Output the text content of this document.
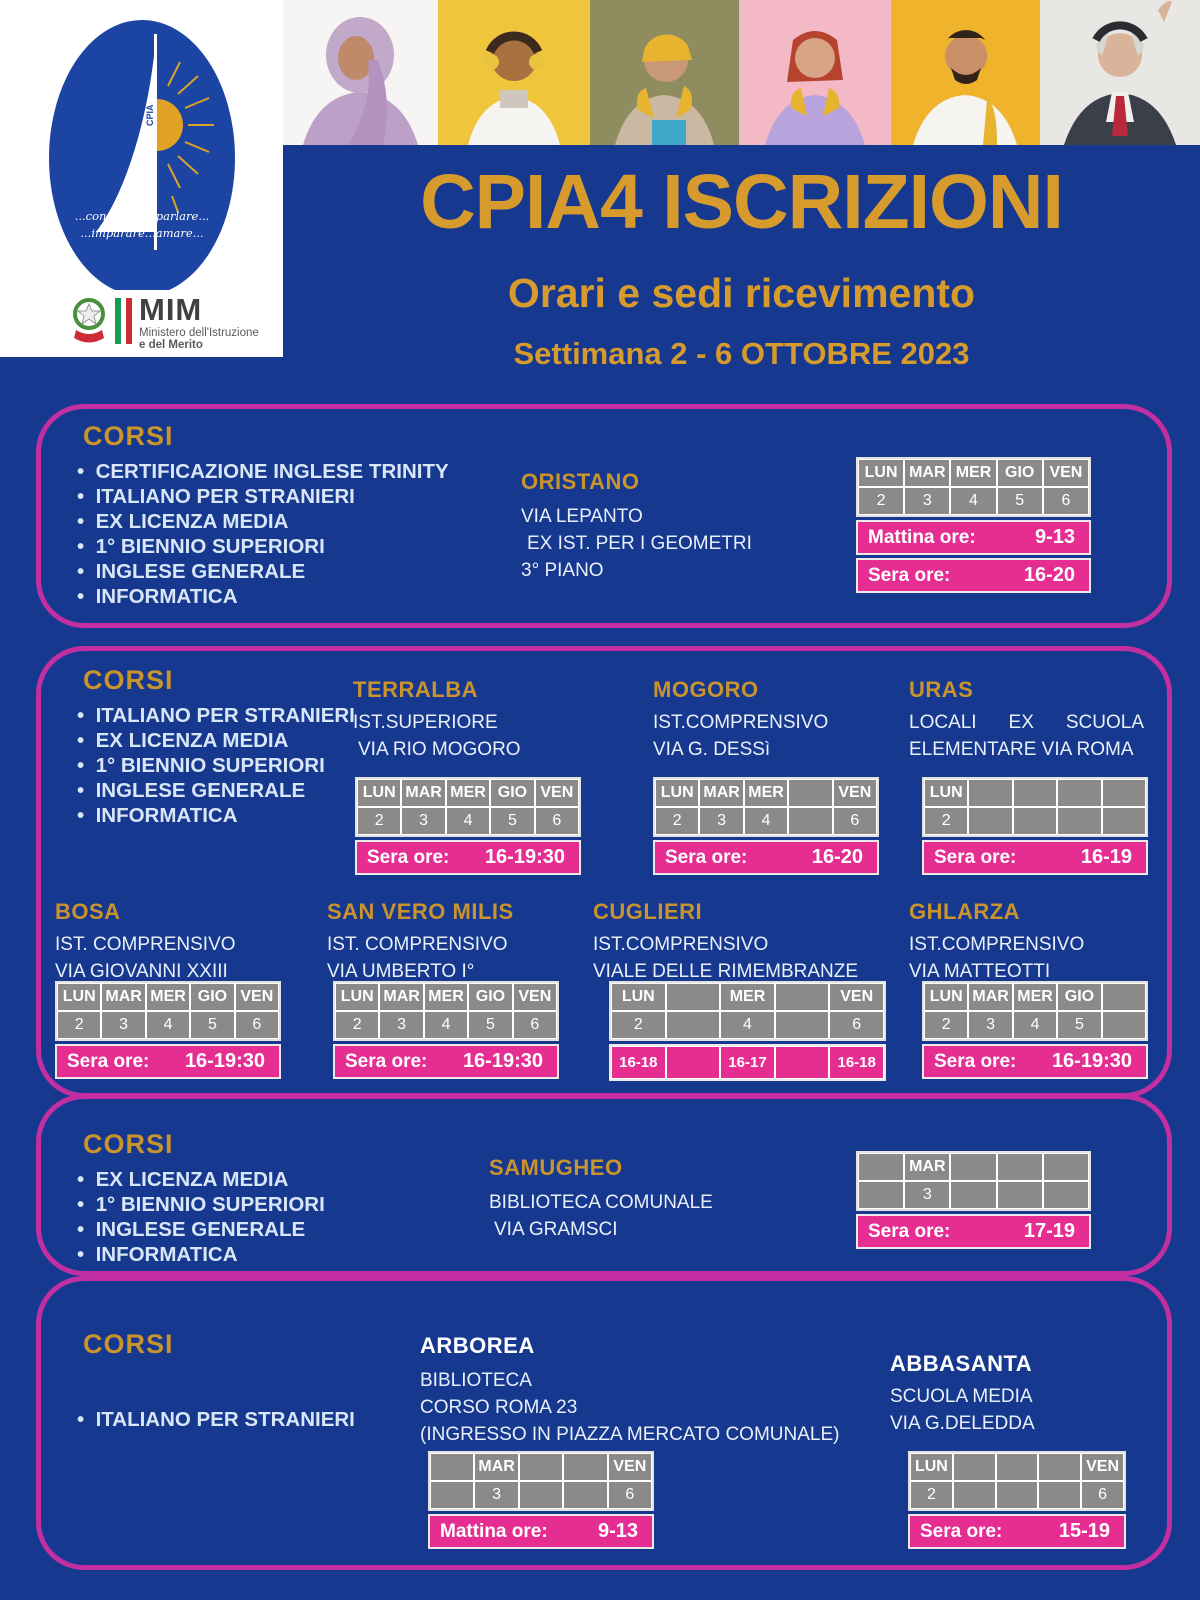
CPIA
...conoscere...parlare...
...imparare...amare...
MIM
Ministero dell'Istruzione
e del Merito
CPIA4 ISCRIZIONI
Orari e sedi ricevimento
Settimana 2 - 6 OTTOBRE 2023
CORSI
•  CERTIFICAZIONE INGLESE TRINITY
•  ITALIANO PER STRANIERI
•  EX LICENZA MEDIA
•  1° BIENNIO SUPERIORI
•  INGLESE GENERALE
•  INFORMATICA
ORISTANO
VIA LEPANTO
EX IST. PER I GEOMETRI
3° PIANO
LUN MAR MER GIO VEN
2	3	4	5	6
Mattina ore:	9-13
Sera ore:	16-20
CORSI
•  ITALIANO PER STRANIERI
•  EX LICENZA MEDIA
•  1° BIENNIO SUPERIORI
•  INGLESE GENERALE
•  INFORMATICA
TERRALBA
IST.SUPERIORE
VIA RIO MOGORO
LUN MAR MER GIO VEN
2	3	4	5	6
Sera ore: 16-19:30
MOGORO
IST.COMPRENSIVO
VIA G. DESSì
LUN MAR MER	VEN
2	3	4	6
Sera ore:	16-20
URAS
LOCALI EX SCUOLA
ELEMENTARE VIA ROMA
LUN
2
Sera ore:	16-19
BOSA
IST. COMPRENSIVO
VIA GIOVANNI XXIII
LUN MAR MER GIO VEN
2	3	4	5	6
Sera ore: 16-19:30
SAN VERO MILIS
IST. COMPRENSIVO
VIA UMBERTO I°
LUN MAR MER GIO VEN
2	3	4	5	6
Sera ore: 16-19:30
CUGLIERI
IST.COMPRENSIVO
VIALE DELLE RIMEMBRANZE
LUN	MER	VEN
2	4	6
16-18	16-17	16-18
GHLARZA
IST.COMPRENSIVO
VIA MATTEOTTI
LUN MAR MER GIO
2	3	4	5
Sera ore: 16-19:30
CORSI
•  EX LICENZA MEDIA
•  1° BIENNIO SUPERIORI
•  INGLESE GENERALE
•  INFORMATICA
SAMUGHEO
BIBLIOTECA COMUNALE
VIA GRAMSCI
MAR
3
Sera ore:	17-19
CORSI
•  ITALIANO PER STRANIERI
ARBOREA
BIBLIOTECA
CORSO ROMA 23
(INGRESSO IN PIAZZA MERCATO COMUNALE)
MAR	VEN
3	6
Mattina ore:	9-13
ABBASANTA
SCUOLA MEDIA
VIA G.DELEDDA
LUN	VEN
2	6
Sera ore:	15-19
